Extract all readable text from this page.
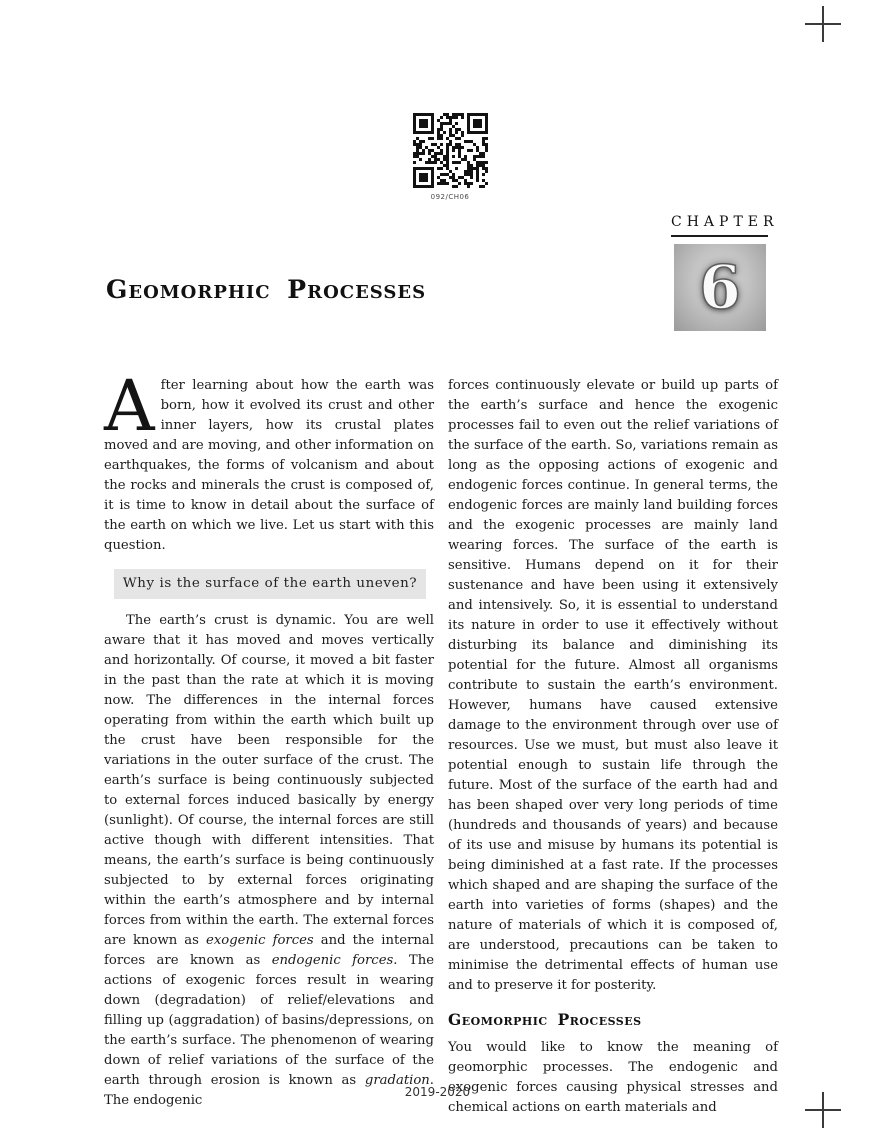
092/CH06
CHAPTER
6
Geomorphic Processes

After learning about how the earth was born, how it evolved its crust and other inner layers, how its crustal plates moved and are moving, and other information on earthquakes, the forms of volcanism and about the rocks and minerals the crust is composed of, it is time to know in detail about the surface of the earth on which we live. Let us start with this question.

Why is the surface of the earth uneven?

The earth’s crust is dynamic. You are well aware that it has moved and moves vertically and horizontally. Of course, it moved a bit faster in the past than the rate at which it is moving now. The differences in the internal forces operating from within the earth which built up the crust have been responsible for the variations in the outer surface of the crust. The earth’s surface is being continuously subjected to external forces induced basically by energy (sunlight). Of course, the internal forces are still active though with different intensities. That means, the earth’s surface is being continuously subjected to by external forces originating within the earth’s atmosphere and by internal forces from within the earth. The external forces are known as exogenic forces and the internal forces are known as endogenic forces. The actions of exogenic forces result in wearing down (degradation) of relief/elevations and filling up (aggradation) of basins/depressions, on the earth’s surface. The phenomenon of wearing down of relief variations of the surface of the earth through erosion is known as gradation. The endogenic

forces continuously elevate or build up parts of the earth’s surface and hence the exogenic processes fail to even out the relief variations of the surface of the earth. So, variations remain as long as the opposing actions of exogenic and endogenic forces continue. In general terms, the endogenic forces are mainly land building forces and the exogenic processes are mainly land wearing forces. The surface of the earth is sensitive. Humans depend on it for their sustenance and have been using it extensively and intensively. So, it is essential to understand its nature in order to use it effectively without disturbing its balance and diminishing its potential for the future. Almost all organisms contribute to sustain the earth’s environment. However, humans have caused extensive damage to the environment through over use of resources. Use we must, but must also leave it potential enough to sustain life through the future. Most of the surface of the earth had and has been shaped over very long periods of time (hundreds and thousands of years) and because of its use and misuse by humans its potential is being diminished at a fast rate. If the processes which shaped and are shaping the surface of the earth into varieties of forms (shapes) and the nature of materials of which it is composed of, are understood, precautions can be taken to minimise the detrimental effects of human use and to preserve it for posterity.

Geomorphic Processes

You would like to know the meaning of geomorphic processes. The endogenic and exogenic forces causing physical stresses and chemical actions on earth materials and

2019-2020
